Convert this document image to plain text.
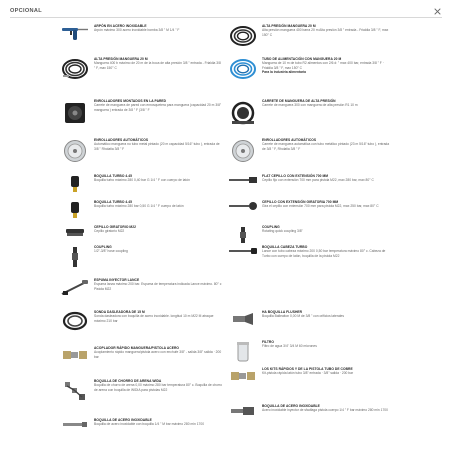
OPCIONAL
ARPÓN EN ACERO INOXIDABLE
Arpón máximo 300 acero inoxidable bomba 3/8 " M 1/4 " F
ALTA PRESIÓN MANGUERA 20 M
Manguera 400 b máximo de 20 m de la boca de alta presión 3/8 " entrada - Frialdia 3/8 " F, max 150° C
ENROLLADORES MONTADOS EN LA PARED
Carrete de manguera de pared con enrosquetera para manguera (capacidad 20 m 3/8" manguera ) entrada de 3/8 " F (3/8 " F
ENROLLADORES AUTOMÁTICOS
Automático manguera no tubo metal pintado (20 m capacidad 5/16" tubo ), entrada de 3/8 " Rholatia 3/8 " F
BOQUILLA TURBO 4.45
Boquilla turbo máximo 280 0,40 bar G 1/4 " F con cuerpo de latón
BOQUILLA TURBO 4.45
Boquilla turbo máximo 280 bar 0,50 G 1/4 " F cuerpo de latón
CEPILLO GIRATORIO M22
Cepillo giratorio M22
COUPLING
1/2"-3/8" hose coupling
ESPUMA INYECTOR LANCE
Espuma lanza máximo 200 bar. Espuma de temperatura indicada Lance máximo. 80° c Pistola M22
SONDA DASLEADORA DE 15 M
Sonda dasleadora con boquilla de acero inoxidable. longitud 10 m M22 M atraque máximo 210 bar
ACOPLADOR RÁPIDO MANGUERA/PISTOLA ACERO
Acoplamiento rápido manguera/pistola acero con enchufe 3/8" - salida 3/8" salida · 200 bar
BOQUILLA DE CHORRO DE ARENA WIDA
Boquilla de chorro de arena 0,00 máximo 280 bar temperatura 80° c. Boquilla de chorro de arena con boquilla de WIDIA para pistolas M22
BOQUILLA DE ACERO INOXIDABLE
Boquilla de acero inoxidable con boquilla 1/4 " M bar máximo 280 min 1700
ALTA PRESIÓN MANGUERA 20 M
Alta presión manguera 400 barra 20 m Alta presión 3/8 " entrada - Frialdia 3/8 " F, max 150° C
TUBO DE ALIMENTACIÓN CON MANGUERA 20 M
Manguera de 10 m de tubo R2 alimentos con 2/6 d: " max 400 bar, entrada 3/8 " F · Frialdia 3/8 " F, max 150° C
Para la industria alimentaria
CARRETE DE MANGUERA DE ALTA PRESIÓN
Carrete de manguera 300 con manguera de alta presión R1 10 m
ENROLLADORES AUTOMÁTICOS
Carrete de manguera automática con tubo metálico pintado (23 m 5/16" tubo ), entrada de 3/8 " F, Rholatia 3/8 " F
FLAT CEPILLO CON EXTENSIÓN 700 MM
Cepillo fijo con extensión 700 mm para pistola M22, max 280 bar, max 80° C
CEPILLO CON EXTENSIÓN GIRATORIA 700 MM
Gira el cepillo con extensión 700 mm para pistola M22, max 250 bar, max 80° C
COUPLING
Rotating quick coupling 3/8"
BOQUILLA CABEZA TURBO
Lance con tubo cabeza máximo 200 0,50 bar temperatura máximo 80° c. Cabeza de Turbo con cuerpo de latón, boquilla de la pistola M22
HA BOQUILLA FLUSHER
Boquilla Balleaiton 0,00 M de 3/8 " con orificios laterales
FILTRO
Filtro de agua 3/4" 3/4 M 60 micrones
LOS KITS RÁPIDOS Y DE LA PISTOLA TUBO DE COBRE
Kit-pistola rápida latón tubo 3/8" entrada · 3/8" salida · 200 bar
BOQUILLA DE ACERO INOXIDABLE
Acero inoxidable inyector de sfadfaga pistola cuerpo 1/4 " F bar máximo 280 min 1700
